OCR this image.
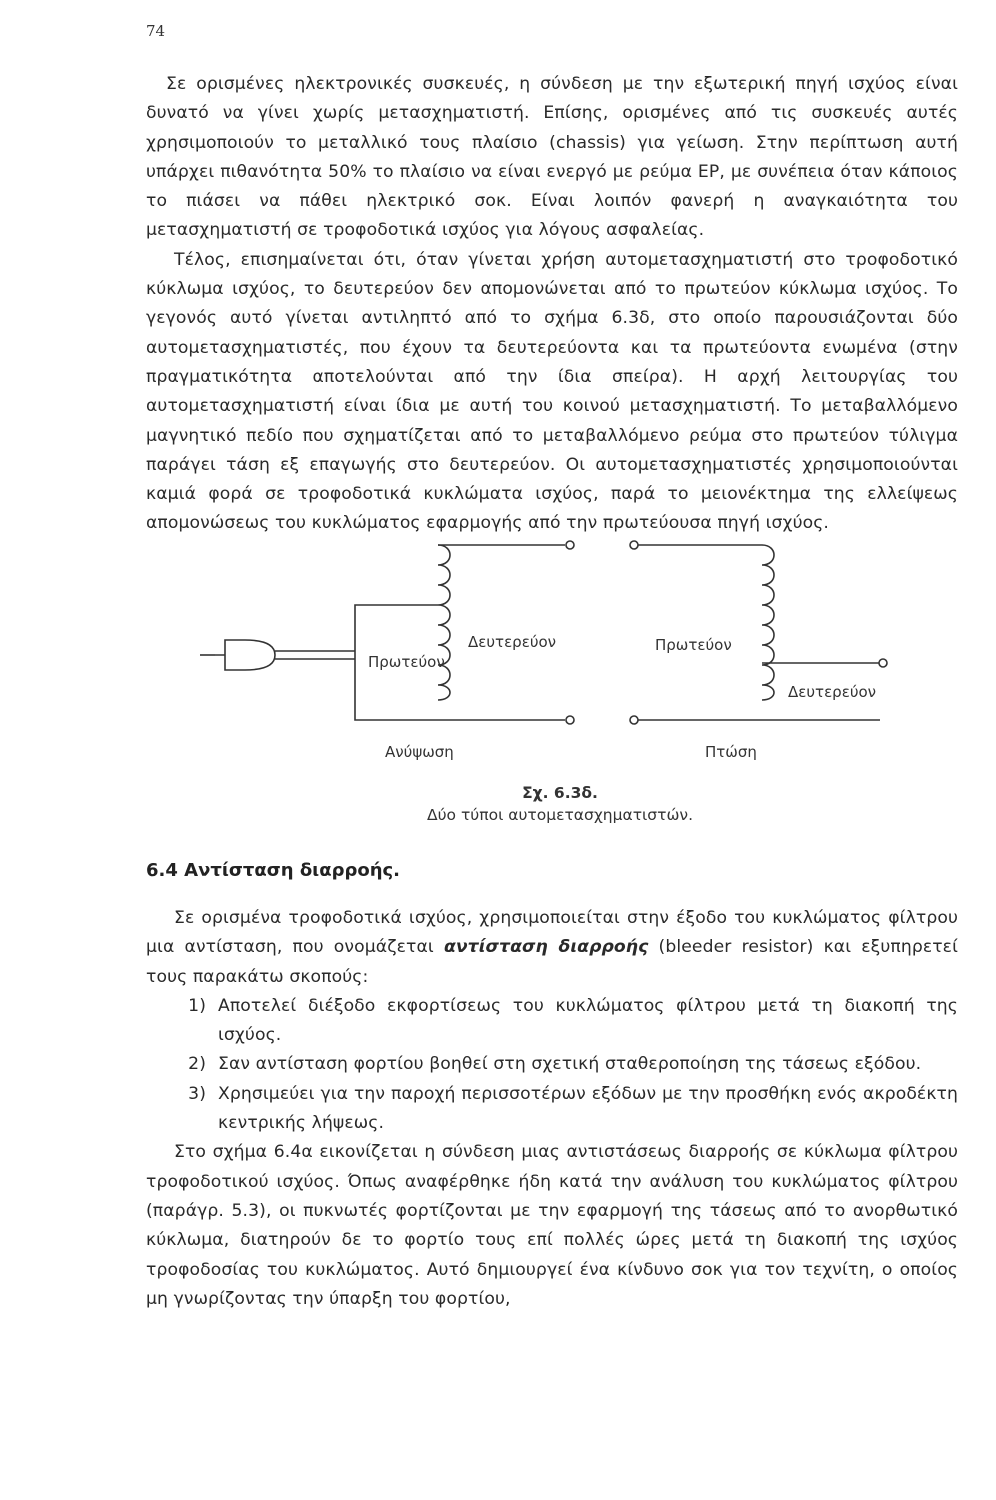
74

Σε ορισμένες ηλεκτρονικές συσκευές, η σύνδεση με την εξωτερική πηγή ισχύος είναι δυνατό να γίνει χωρίς μετασχηματιστή. Επίσης, ορισμένες από τις συσκευές αυτές χρησιμοποιούν το μεταλλικό τους πλαίσιο (chassis) για γείωση. Στην περίπτωση αυτή υπάρχει πιθανότητα 50% το πλαίσιο να είναι ενεργό με ρεύμα ΕΡ, με συνέπεια όταν κάποιος το πιάσει να πάθει ηλεκτρικό σοκ. Είναι λοιπόν φανερή η αναγκαιότητα του μετασχηματιστή σε τροφοδοτικά ισχύος για λόγους ασφαλείας.

Τέλος, επισημαίνεται ότι, όταν γίνεται χρήση αυτομετασχηματιστή στο τροφοδοτικό κύκλωμα ισχύος, το δευτερεύον δεν απομονώνεται από το πρωτεύον κύκλωμα ισχύος. Το γεγονός αυτό γίνεται αντιληπτό από το σχήμα 6.3δ, στο οποίο παρουσιάζονται δύο αυτομετασχηματιστές, που έχουν τα δευτερεύοντα και τα πρωτεύοντα ενωμένα (στην πραγματικότητα αποτελούνται από την ίδια σπείρα). Η αρχή λειτουργίας του αυτομετασχηματιστή είναι ίδια με αυτή του κοινού μετασχηματιστή. Το μεταβαλλόμενο μαγνητικό πεδίο που σχηματίζεται από το μεταβαλλόμενο ρεύμα στο πρωτεύον τύλιγμα παράγει τάση εξ επαγωγής στο δευτερεύον. Οι αυτομετασχηματιστές χρησιμοποιούνται καμιά φορά σε τροφοδοτικά κυκλώματα ισχύος, παρά το μειονέκτημα της ελλείψεως απομονώσεως του κυκλώματος εφαρμογής από την πρωτεύουσα πηγή ισχύος.

Πρωτεύον
Δευτερεύον
Ανύψωση
Πρωτεύον
Δευτερεύον
Πτώση
Σχ. 6.3δ.
Δύο τύποι αυτομετασχηματιστών.
6.4 Αντίσταση διαρροής.

Σε ορισμένα τροφοδοτικά ισχύος, χρησιμοποιείται στην έξοδο του κυκλώματος φίλτρου μια αντίσταση, που ονομάζεται αντίσταση διαρροής (bleeder resistor) και εξυπηρετεί τους παρακάτω σκοπούς:

1) Αποτελεί διέξοδο εκφορτίσεως του κυκλώματος φίλτρου μετά τη διακοπή της ισχύος.
2) Σαν αντίσταση φορτίου βοηθεί στη σχετική σταθεροποίηση της τάσεως εξόδου.
3) Χρησιμεύει για την παροχή περισσοτέρων εξόδων με την προσθήκη ενός ακροδέκτη κεντρικής λήψεως.

Στο σχήμα 6.4α εικονίζεται η σύνδεση μιας αντιστάσεως διαρροής σε κύκλωμα φίλτρου τροφοδοτικού ισχύος. Όπως αναφέρθηκε ήδη κατά την ανάλυση του κυκλώματος φίλτρου (παράγρ. 5.3), οι πυκνωτές φορτίζονται με την εφαρμογή της τάσεως από το ανορθωτικό κύκλωμα, διατηρούν δε το φορτίο τους επί πολλές ώρες μετά τη διακοπή της ισχύος τροφοδοσίας του κυκλώματος. Αυτό δημιουργεί ένα κίνδυνο σοκ για τον τεχνίτη, ο οποίος μη γνωρίζοντας την ύπαρξη του φορτίου,
